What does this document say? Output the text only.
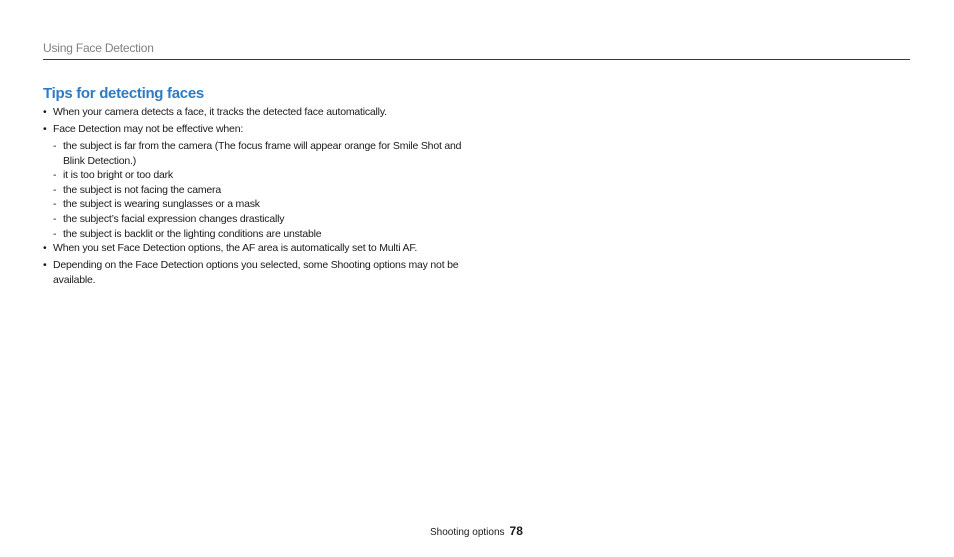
Using Face Detection
Tips for detecting faces
• When your camera detects a face, it tracks the detected face automatically.
• Face Detection may not be effective when:
- the subject is far from the camera (The focus frame will appear orange for Smile Shot and Blink Detection.)
- it is too bright or too dark
- the subject is not facing the camera
- the subject is wearing sunglasses or a mask
- the subject’s facial expression changes drastically
- the subject is backlit or the lighting conditions are unstable
• When you set Face Detection options, the AF area is automatically set to Multi AF.
• Depending on the Face Detection options you selected, some Shooting options may not be available.
Shooting options 78
